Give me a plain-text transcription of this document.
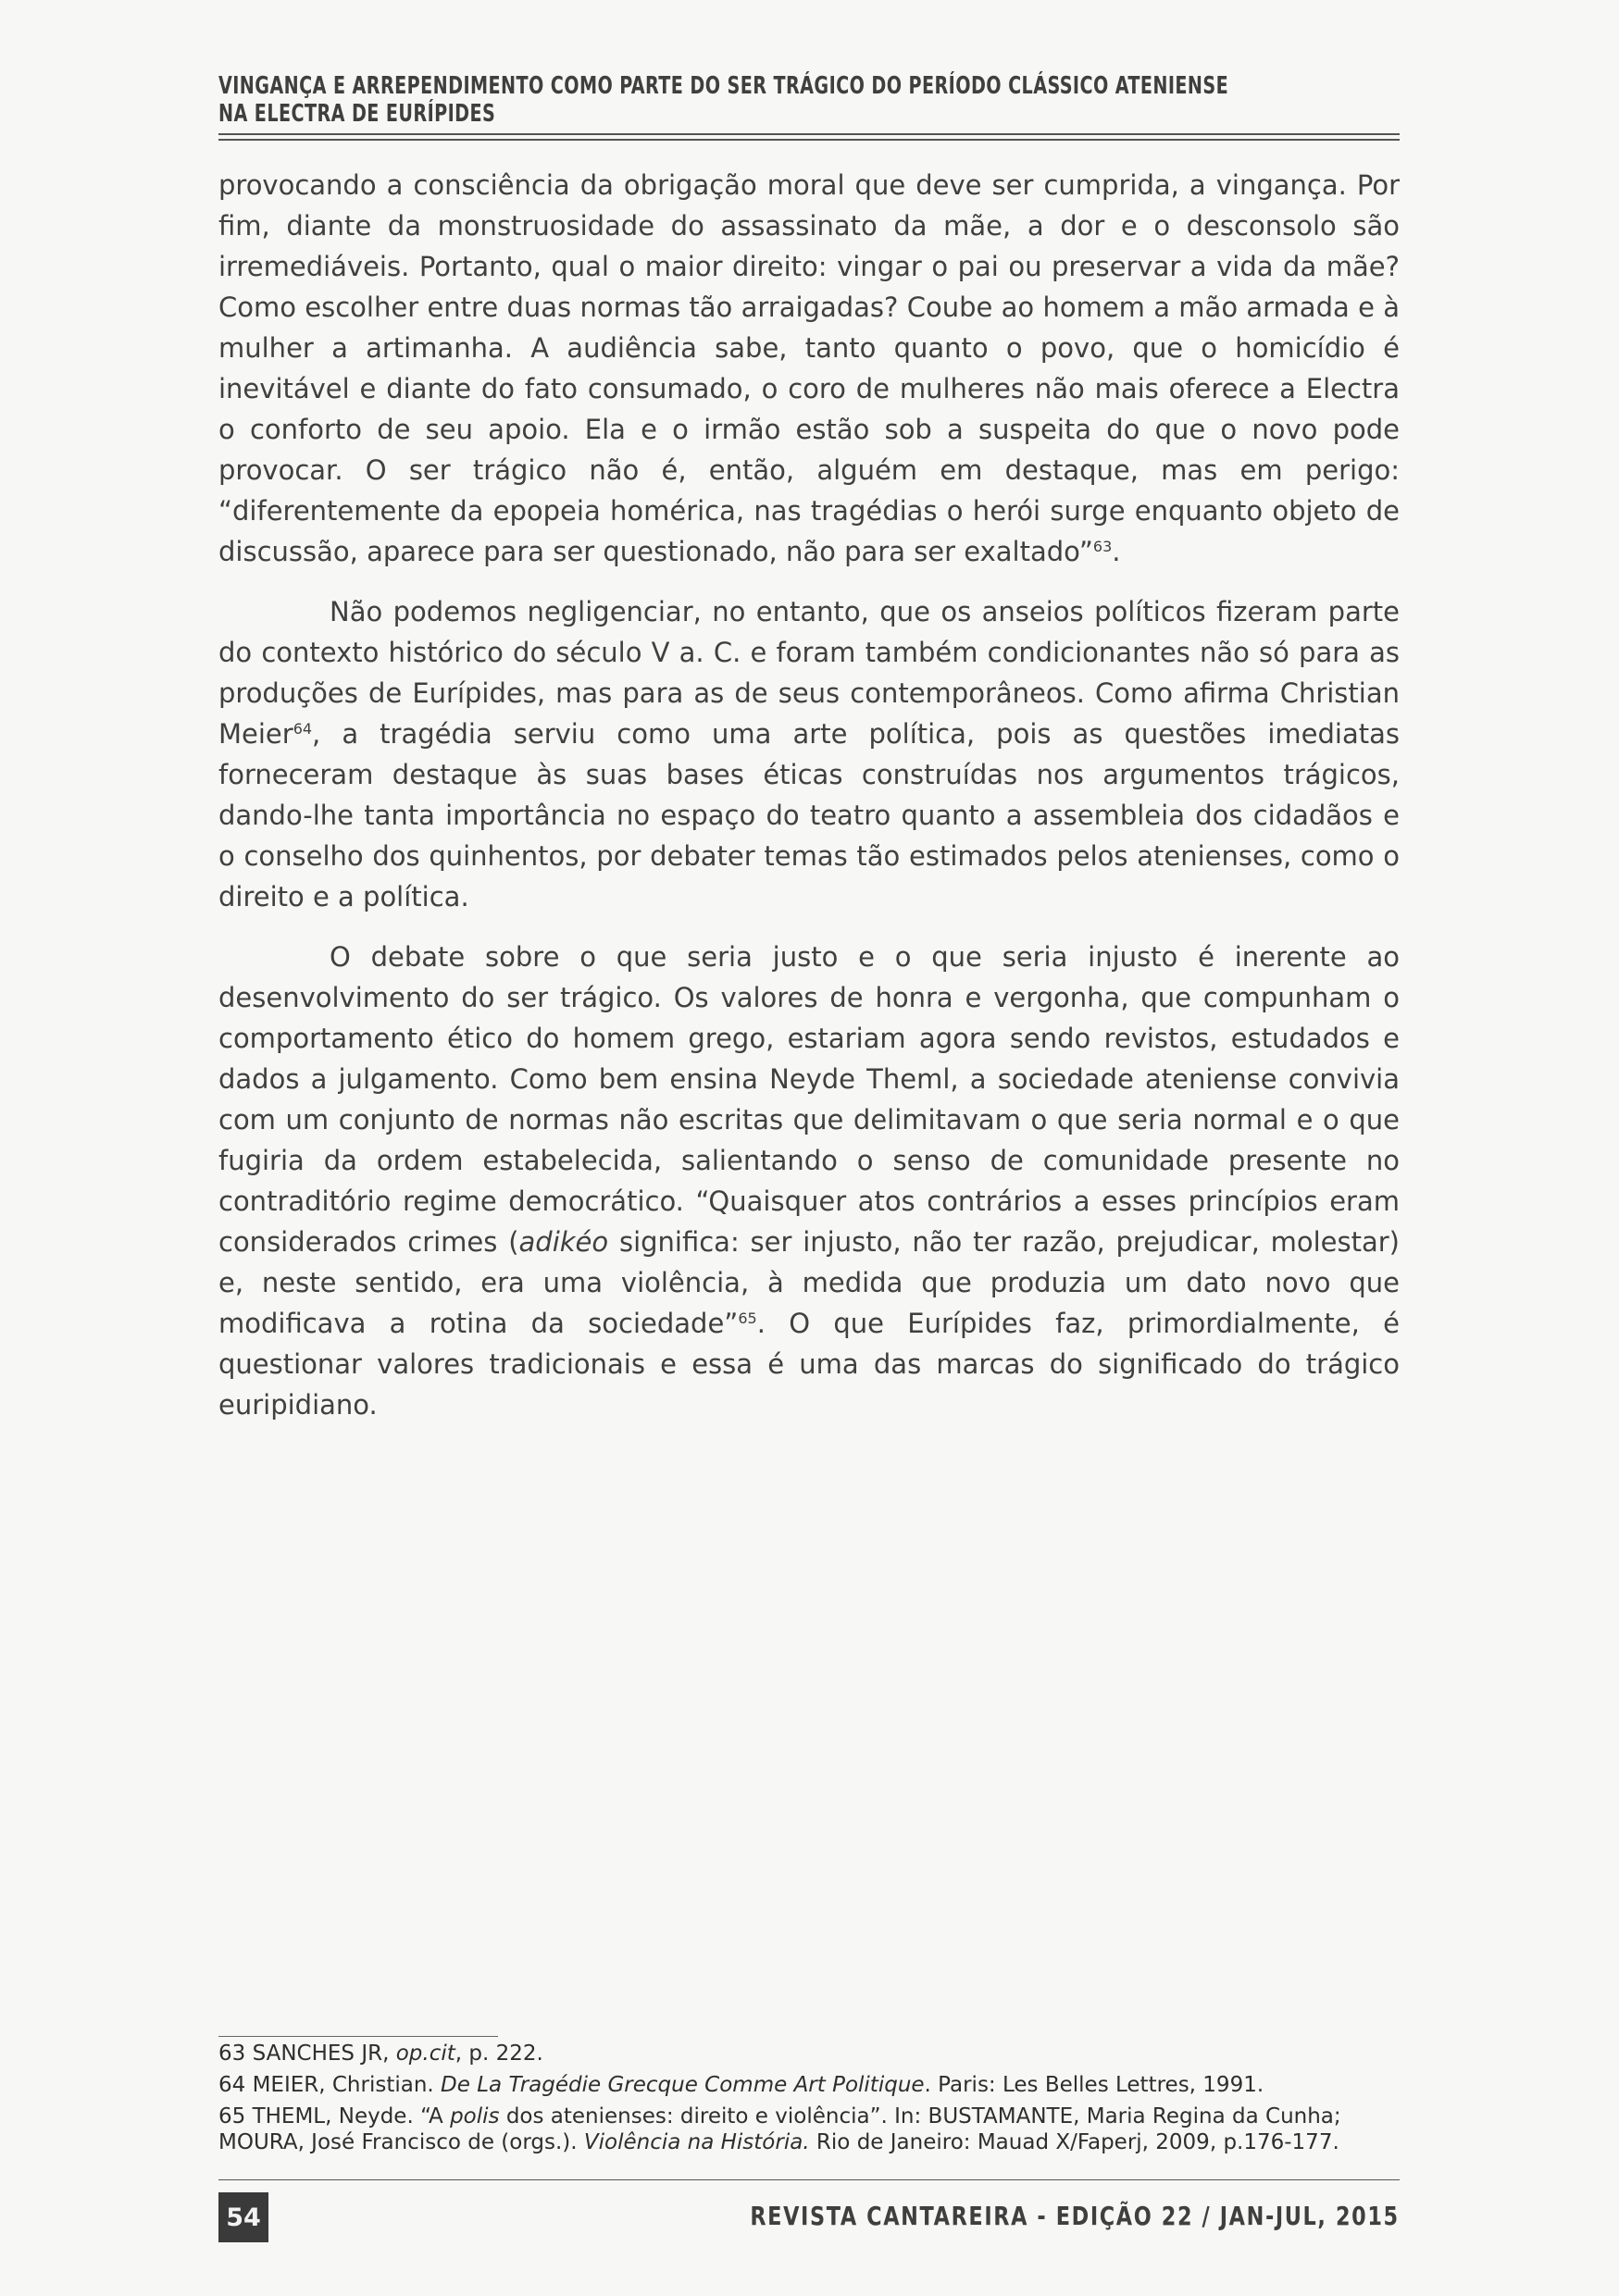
VINGANÇA E ARREPENDIMENTO COMO PARTE DO SER TRÁGICO DO PERÍODO CLÁSSICO ATENIENSE
NA ELECTRA DE EURÍPIDES

provocando a consciência da obrigação moral que deve ser cumprida, a vingança. Por fim, diante da monstruosidade do assassinato da mãe, a dor e o desconsolo são irremediáveis. Portanto, qual o maior direito: vingar o pai ou preservar a vida da mãe? Como escolher entre duas normas tão arraigadas? Coube ao homem a mão armada e à mulher a artimanha. A audiência sabe, tanto quanto o povo, que o homicídio é inevitável e diante do fato consumado, o coro de mulheres não mais oferece a Electra o conforto de seu apoio. Ela e o irmão estão sob a suspeita do que o novo pode provocar. O ser trágico não é, então, alguém em destaque, mas em perigo: “diferentemente da epopeia homérica, nas tragédias o herói surge enquanto objeto de discussão, aparece para ser questionado, não para ser exaltado”$^{63}$.

Não podemos negligenciar, no entanto, que os anseios políticos fizeram parte do contexto histórico do século V a. C. e foram também condicionantes não só para as produções de Eurípides, mas para as de seus contemporâneos. Como afirma Christian Meier$^{64}$, a tragédia serviu como uma arte política, pois as questões imediatas forneceram destaque às suas bases éticas construídas nos argumentos trágicos, dando-lhe tanta importância no espaço do teatro quanto a assembleia dos cidadãos e o conselho dos quinhentos, por debater temas tão estimados pelos atenienses, como o direito e a política.

O debate sobre o que seria justo e o que seria injusto é inerente ao desenvolvimento do ser trágico. Os valores de honra e vergonha, que compunham o comportamento ético do homem grego, estariam agora sendo revistos, estudados e dados a julgamento. Como bem ensina Neyde Theml, a sociedade ateniense convivia com um conjunto de normas não escritas que delimitavam o que seria normal e o que fugiria da ordem estabelecida, salientando o senso de comunidade presente no contraditório regime democrático. “Quaisquer atos contrários a esses princípios eram considerados crimes (adikéo significa: ser injusto, não ter razão, prejudicar, molestar) e, neste sentido, era uma violência, à medida que produzia um dato novo que modificava a rotina da sociedade”$^{65}$. O que Eurípides faz, primordialmente, é questionar valores tradicionais e essa é uma das marcas do significado do trágico euripidiano.

63 SANCHES JR, op.cit, p. 222.
64 MEIER, Christian. De La Tragédie Grecque Comme Art Politique. Paris: Les Belles Lettres, 1991.
65 THEML, Neyde. “A polis dos atenienses: direito e violência”. In: BUSTAMANTE, Maria Regina da Cunha; MOURA, José Francisco de (orgs.). Violência na História. Rio de Janeiro: Mauad X/Faperj, 2009, p.176-177.
54	REVISTA CANTAREIRA - EDIÇÃO 22 / JAN-JUL, 2015
